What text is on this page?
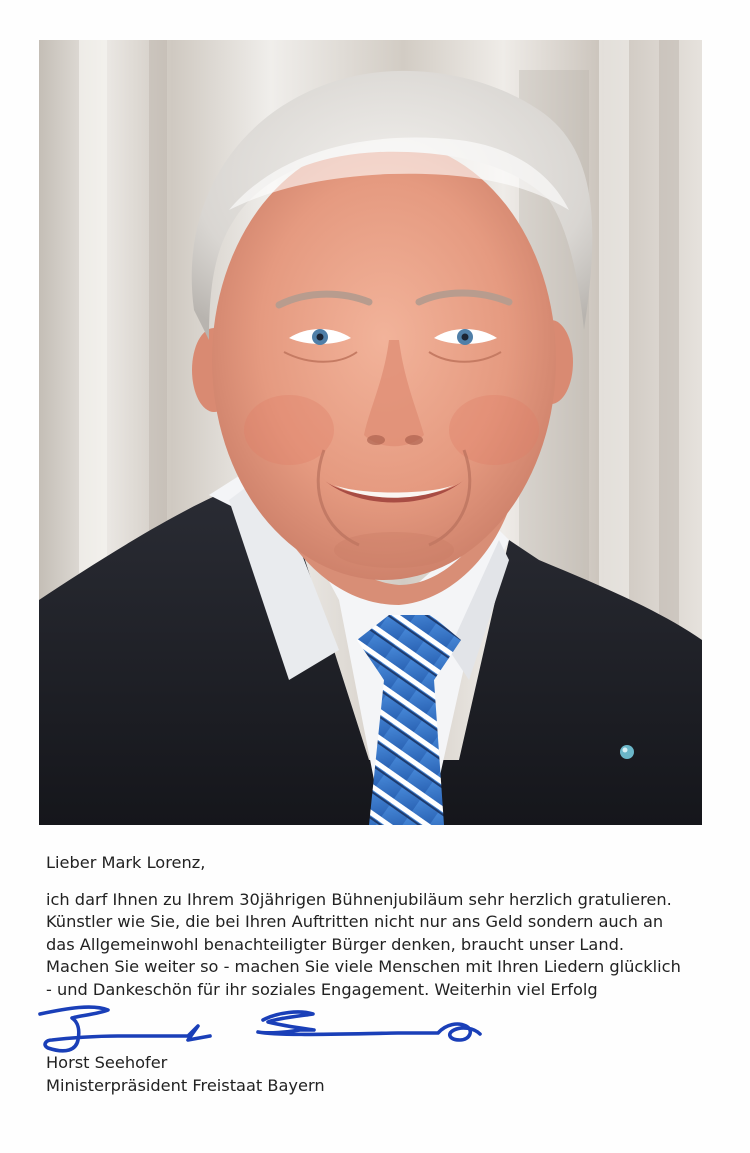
Lieber Mark Lorenz,

ich darf Ihnen zu Ihrem 30jährigen Bühnenjubiläum sehr herzlich gratulieren.

Künstler wie Sie, die bei Ihren Auftritten nicht nur ans Geld sondern auch an

das Allgemeinwohl benachteiligter Bürger denken, braucht unser Land.

Machen Sie weiter so - machen Sie viele Menschen mit Ihren Liedern glücklich

- und Dankeschön für ihr soziales Engagement. Weiterhin viel Erfolg

Horst Seehofer
Ministerpräsident Freistaat Bayern
